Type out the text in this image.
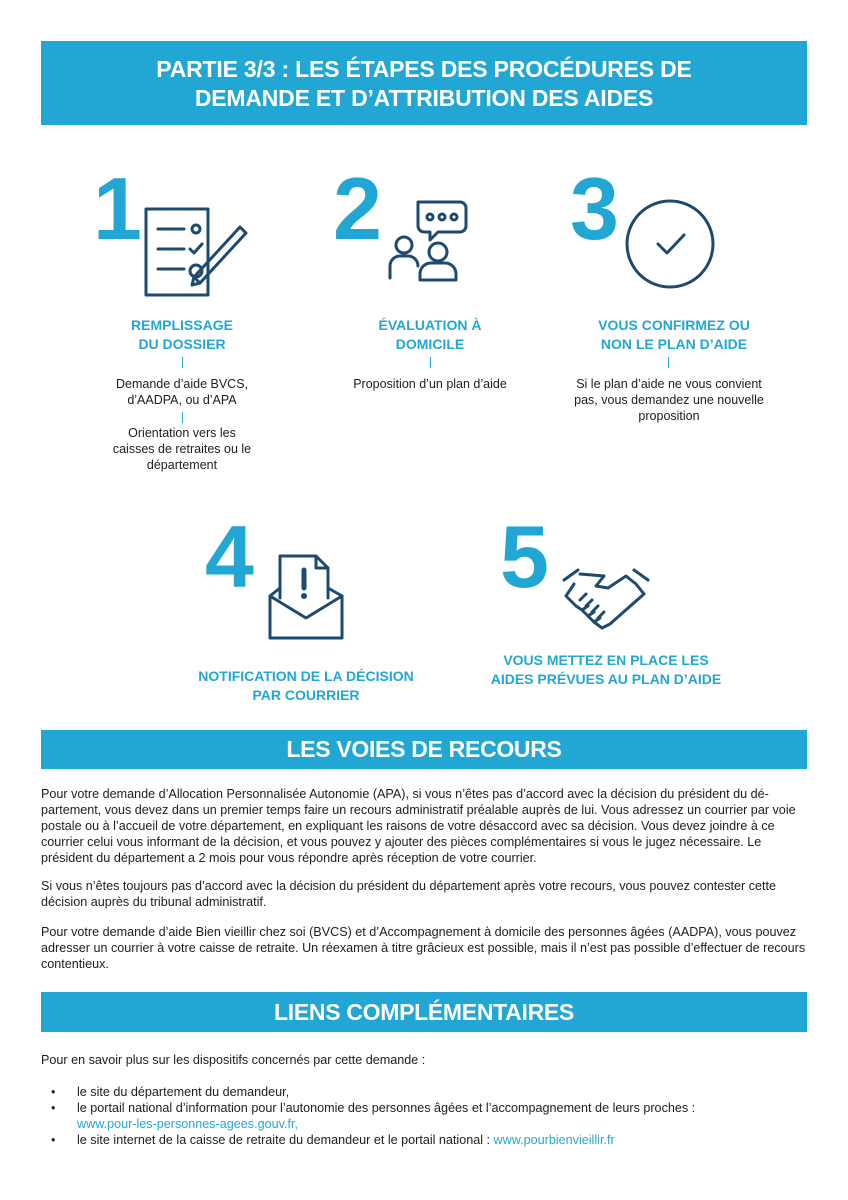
PARTIE 3/3 : LES ÉTAPES DES PROCÉDURES DE
DEMANDE ET D’ATTRIBUTION DES AIDES
1
REMPLISSAGE
DU DOSSIER
Demande d’aide BVCS,
d’AADPA, ou d’APA
Orientation vers les
caisses de retraites ou le
département
2
ÉVALUATION À
DOMICILE
Proposition d’un plan d’aide
3
VOUS CONFIRMEZ OU
NON LE PLAN D’AIDE
Si le plan d’aide ne vous convient
pas, vous demandez une nouvelle
proposition
4
NOTIFICATION DE LA DÉCISION
PAR COURRIER
5
VOUS METTEZ EN PLACE LES
AIDES PRÉVUES AU PLAN D’AIDE
LES VOIES DE RECOURS

Pour votre demande d’Allocation Personnalisée Autonomie (APA), si vous n’êtes pas d’accord avec la décision du président du dé-partement, vous devez dans un premier temps faire un recours administratif préalable auprès de lui. Vous adressez un courrier par voie postale ou à l’accueil de votre département, en expliquant les raisons de votre désaccord avec sa décision. Vous devez joindre à ce courrier celui vous informant de la décision, et vous pouvez y ajouter des pièces complémentaires si vous le jugez nécessaire. Le président du département a 2 mois pour vous répondre après réception de votre courrier.

Si vous n’êtes toujours pas d’accord avec la décision du président du département après votre recours, vous pouvez contester cette décision auprès du tribunal administratif.

Pour votre demande d’aide Bien vieillir chez soi (BVCS) et d’Accompagnement à domicile des personnes âgées (AADPA), vous pouvez adresser un courrier à votre caisse de retraite. Un réexamen à titre grâcieux est possible, mais il n’est pas possible d’effectuer de recours contentieux.

LIENS COMPLÉMENTAIRES
Pour en savoir plus sur les dispositifs concernés par cette demande :
• le site du département du demandeur,
• le portail national d’information pour l’autonomie des personnes âgées et l’accompagnement de leurs proches :
www.pour-les-personnes-agees.gouv.fr,
• le site internet de la caisse de retraite du demandeur et le portail national : www.pourbienvieillir.fr
